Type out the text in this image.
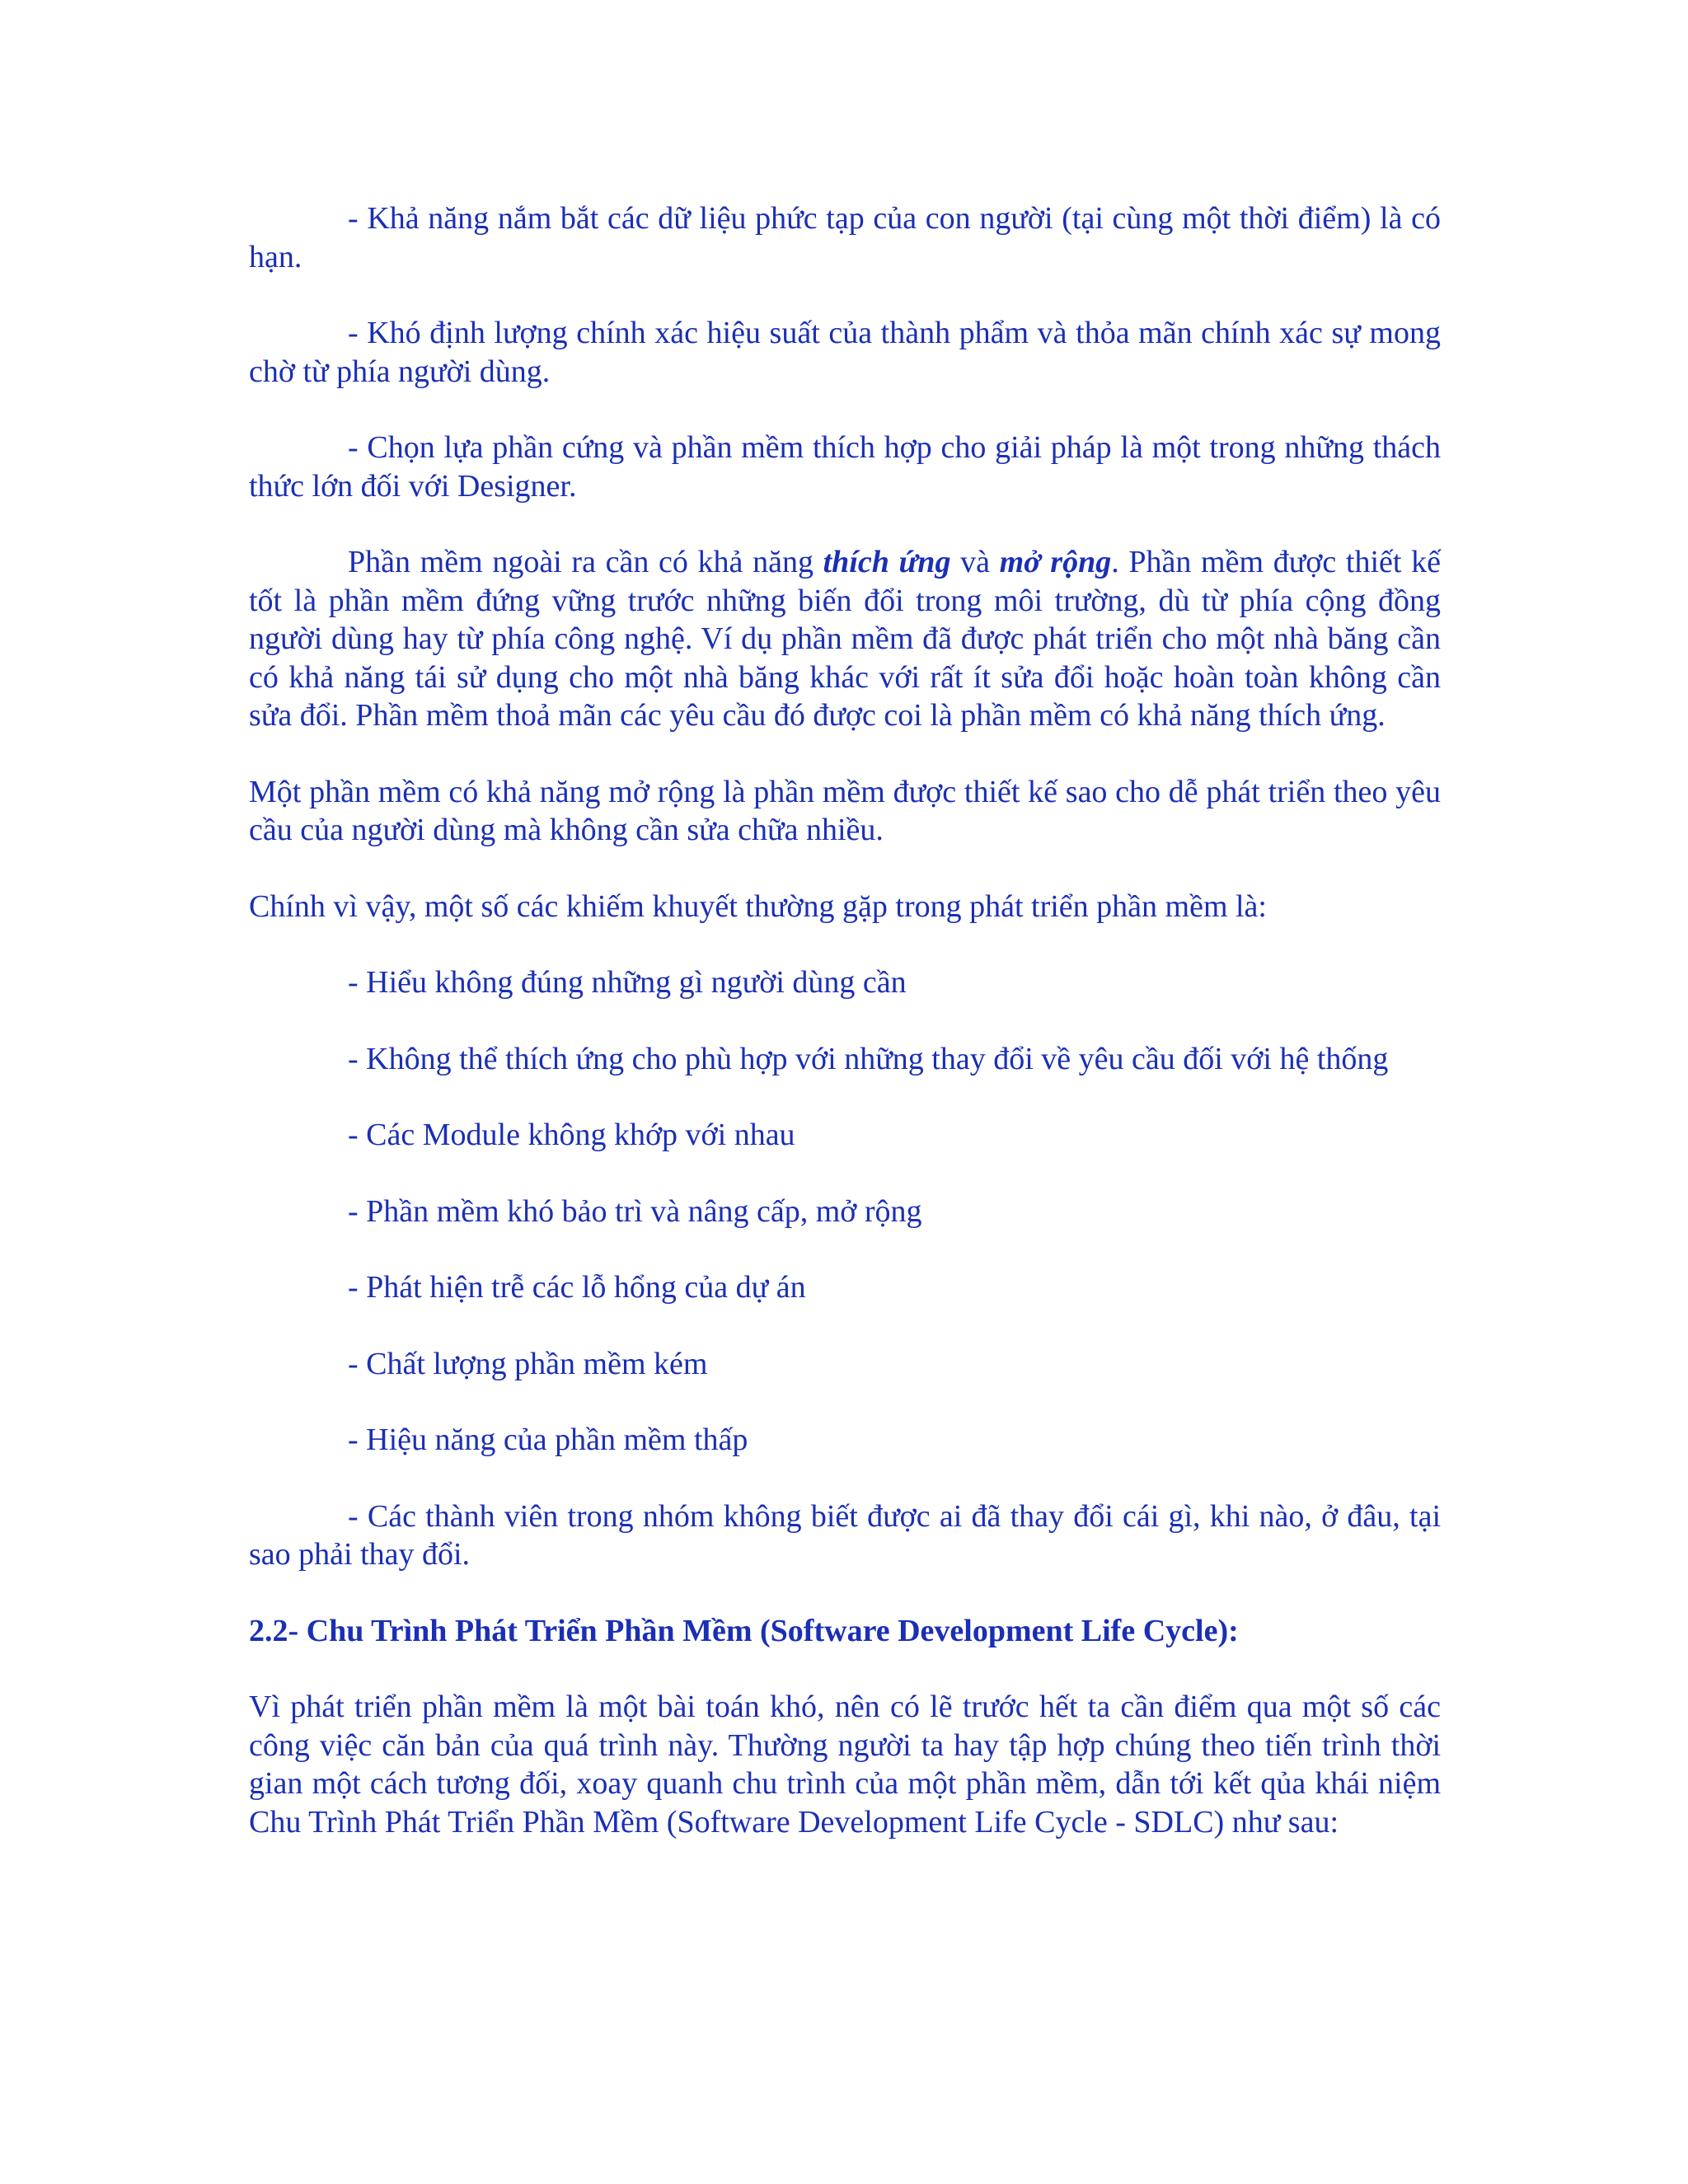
- Khả năng nắm bắt các dữ liệu phức tạp của con người (tại cùng một thời điểm) là có hạn.

- Khó định lượng chính xác hiệu suất của thành phẩm và thỏa mãn chính xác sự mong chờ từ phía người dùng.

- Chọn lựa phần cứng và phần mềm thích hợp cho giải pháp là một trong những thách thức lớn đối với Designer.

Phần mềm ngoài ra cần có khả năng thích ứng và mở rộng. Phần mềm được thiết kế tốt là phần mềm đứng vững trước những biến đổi trong môi trường, dù từ phía cộng đồng người dùng hay từ phía công nghệ. Ví dụ phần mềm đã được phát triển cho một nhà băng cần có khả năng tái sử dụng cho một nhà băng khác với rất ít sửa đổi hoặc hoàn toàn không cần sửa đổi. Phần mềm thoả mãn các yêu cầu đó được coi là phần mềm có khả năng thích ứng.

Một phần mềm có khả năng mở rộng là phần mềm được thiết kế sao cho dễ phát triển theo yêu cầu của người dùng mà không cần sửa chữa nhiều.

Chính vì vậy, một số các khiếm khuyết thường gặp trong phát triển phần mềm là:

- Hiểu không đúng những gì người dùng cần

- Không thể thích ứng cho phù hợp với những thay đổi về yêu cầu đối với hệ thống

- Các Module không khớp với nhau

- Phần mềm khó bảo trì và nâng cấp, mở rộng

- Phát hiện trễ các lỗ hổng của dự án

- Chất lượng phần mềm kém

- Hiệu năng của phần mềm thấp

- Các thành viên trong nhóm không biết được ai đã thay đổi cái gì, khi nào, ở đâu, tại sao phải thay đổi.

2.2- Chu Trình Phát Triển Phần Mềm (Software Development Life Cycle):

Vì phát triển phần mềm là một bài toán khó, nên có lẽ trước hết ta cần điểm qua một số các công việc căn bản của quá trình này. Thường người ta hay tập hợp chúng theo tiến trình thời gian một cách tương đối, xoay quanh chu trình của một phần mềm, dẫn tới kết qủa khái niệm Chu Trình Phát Triển Phần Mềm (Software Development Life Cycle - SDLC) như sau:
